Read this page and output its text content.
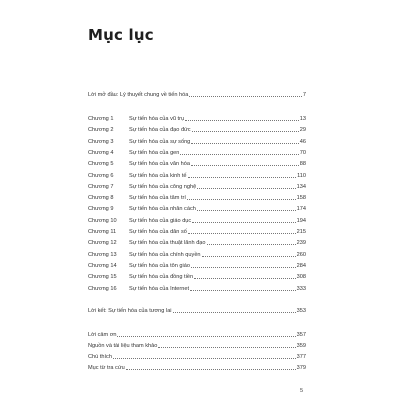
Mục lục
Lời mở đầu: Lý thuyết chung về tiến hóa	7
Chương 1	Sự tiến hóa của vũ trụ	13
Chương 2	Sự tiến hóa của đạo đức	29
Chương 3	Sự tiến hóa của sự sống	46
Chương 4	Sự tiến hóa của gen	70
Chương 5	Sự tiến hóa của văn hóa	88
Chương 6	Sự tiến hóa của kinh tế	110
Chương 7	Sự tiến hóa của công nghệ	134
Chương 8	Sự tiến hóa của tâm trí	158
Chương 9	Sự tiến hóa của nhân cách	174
Chương 10	Sự tiến hóa của giáo dục	194
Chương 11	Sự tiến hóa của dân số	215
Chương 12	Sự tiến hóa của thuật lãnh đạo	239
Chương 13	Sự tiến hóa của chính quyền	260
Chương 14	Sự tiến hóa của tôn giáo	284
Chương 15	Sự tiến hóa của đồng tiền	308
Chương 16	Sự tiến hóa của Internet	333
Lời kết: Sự tiến hóa của tương lai	353
Lời cảm ơn	357
Nguồn và tài liệu tham khảo	359
Chú thích	377
Mục từ tra cứu	379
5
